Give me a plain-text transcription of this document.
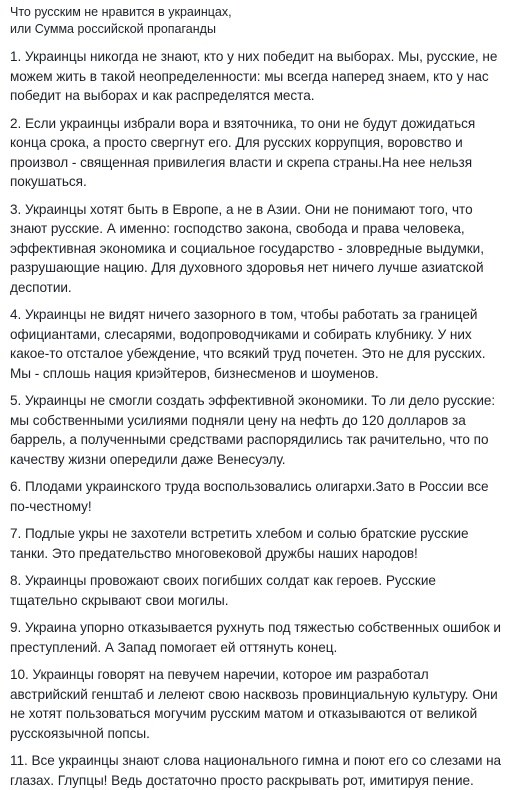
Что русским не нравится в украинцах,
или Сумма российской пропаганды

1. Украинцы никогда не знают, кто у них победит на выборах. Мы, русские, не можем жить в такой неопределенности: мы всегда наперед знаем, кто у нас победит на выборах и как распределятся места.

2. Если украинцы избрали вора и взяточника, то они не будут дожидаться конца срока, а просто свергнут его. Для русских коррупция, воровство и произвол - священная привилегия власти и скрепа страны.На нее нельзя покушаться.

3. Украинцы хотят быть в Европе, а не в Азии. Они не понимают того, что знают русские. А именно: господство закона, свобода и права человека, эффективная экономика и социальное государство - зловредные выдумки, разрушающие нацию. Для духовного здоровья нет ничего лучше азиатской деспотии.

4. Украинцы не видят ничего зазорного в том, чтобы работать за границей официантами, слесарями, водопроводчиками и собирать клубнику. У них какое-то отсталое убеждение, что всякий труд почетен. Это не для русских. Мы - сплошь нация криэйтеров, бизнесменов и шоуменов.

5. Украинцы не смогли создать эффективной экономики. То ли дело русские: мы собственными усилиями подняли цену на нефть до 120 долларов за баррель, а полученными средствами распорядились так рачительно, что по качеству жизни опередили даже Венесуэлу.

6. Плодами украинского труда воспользовались олигархи.Зато в России все по-честному!

7. Подлые укры не захотели встретить хлебом и солью братские русские танки. Это предательство многовековой дружбы наших народов!

8. Украинцы провожают своих погибших солдат как героев. Русские тщательно скрывают свои могилы.

9. Украина упорно отказывается рухнуть под тяжестью собственных ошибок и преступлений. А Запад помогает ей оттянуть конец.

10. Украинцы говорят на певучем наречии, которое им разработал австрийский генштаб и лелеют свою насквозь провинциальную культуру. Они не хотят пользоваться могучим русским матом и отказываются от великой русскоязычной попсы.

11. Все украинцы знают слова национального гимна и поют его со слезами на глазах. Глупцы! Ведь достаточно просто раскрывать рот, имитируя пение.
